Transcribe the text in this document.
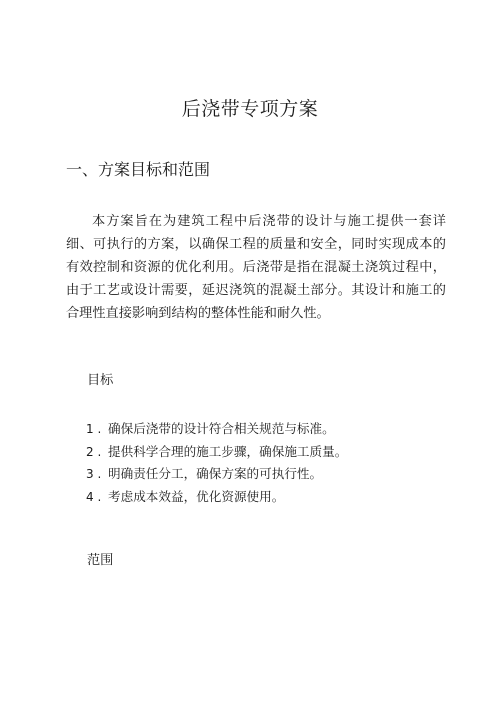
后浇带专项方案
一、方案目标和范围

本方案旨在为建筑工程中后浇带的设计与施工提供一套详细、可执行的方案，以确保工程的质量和安全，同时实现成本的有效控制和资源的优化利用。后浇带是指在混凝土浇筑过程中，由于工艺或设计需要，延迟浇筑的混凝土部分。其设计和施工的合理性直接影响到结构的整体性能和耐久性。

目标
1 . 确保后浇带的设计符合相关规范与标准。
2 . 提供科学合理的施工步骤，确保施工质量。
3 . 明确责任分工，确保方案的可执行性。
4 . 考虑成本效益，优化资源使用。
范围
